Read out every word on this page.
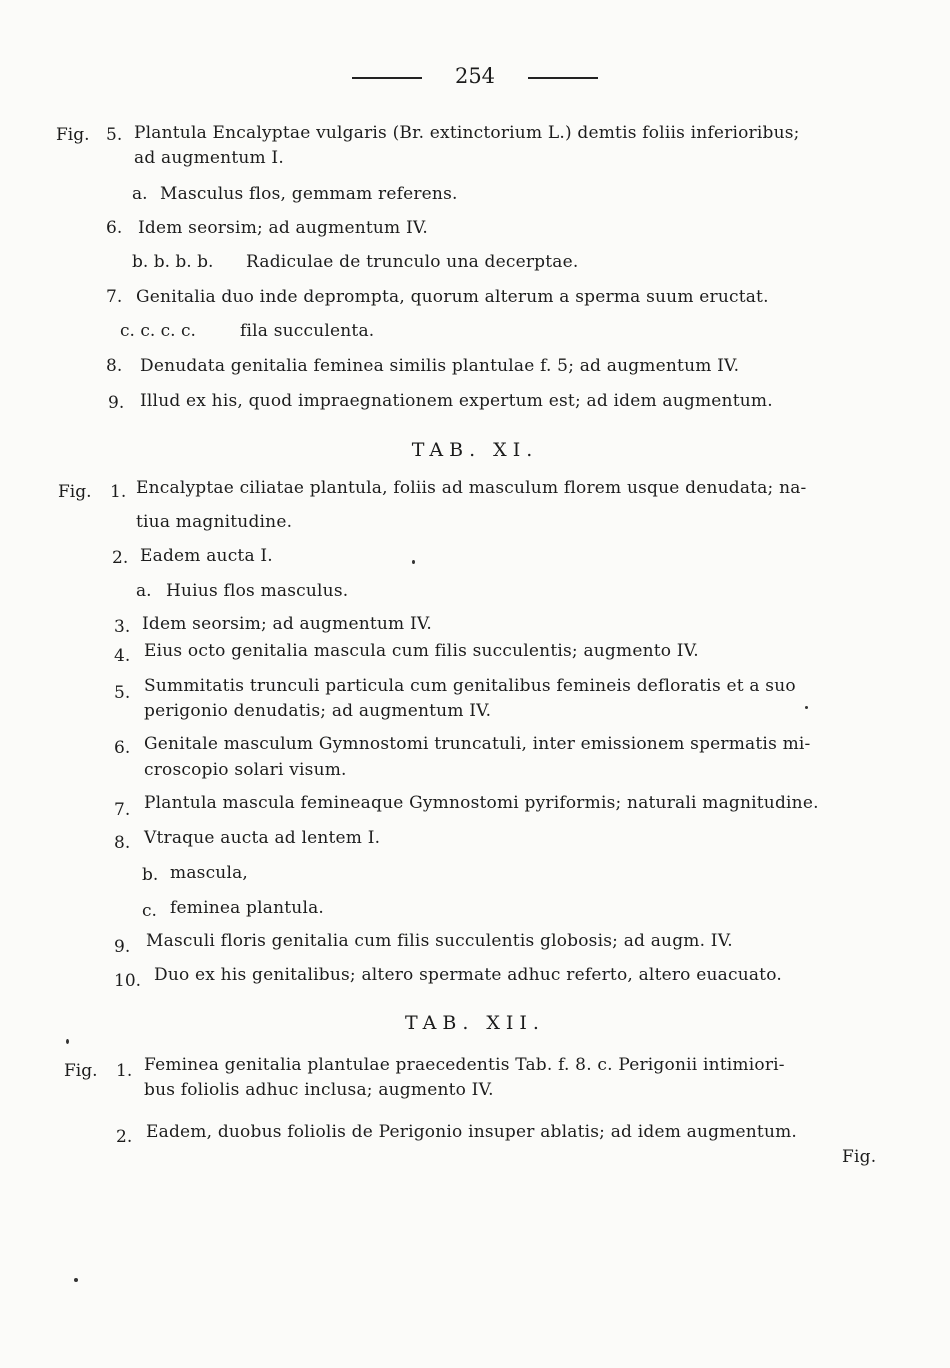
254
Fig. 5. Plantula Encalyptae vulgaris (Br. extinctorium L.) demtis foliis inferioribus;
ad augmentum I.
a. Masculus flos, gemmam referens.
6. Idem seorsim; ad augmentum IV.
b. b. b. b. Radiculae de trunculo una decerptae.
7. Genitalia duo inde deprompta, quorum alterum a sperma suum eructat.
c. c. c. c.	fila succulenta.
8. Denudata genitalia feminea similis plantulae f. 5; ad augmentum IV.
9. Illud ex his, quod impraegnationem expertum est; ad idem augmentum.
TAB. XI.
Fig. 1. Encalyptae ciliatae plantula, foliis ad masculum florem usque denudata; na-
tiua magnitudine.
2. Eadem aucta I.
a. Huius flos masculus.
3. Idem seorsim; ad augmentum IV.
4. Eius octo genitalia mascula cum filis succulentis; augmento IV.
5. Summitatis trunculi particula cum genitalibus femineis defloratis et a suo
perigonio denudatis; ad augmentum IV.
6. Genitale masculum Gymnostomi truncatuli, inter emissionem spermatis mi-
croscopio solari visum.
7. Plantula mascula femineaque Gymnostomi pyriformis; naturali magnitudine.
8. Vtraque aucta ad lentem I.
b. mascula,
c. feminea plantula.
9. Masculi floris genitalia cum filis succulentis globosis; ad augm. IV.
10. Duo ex his genitalibus; altero spermate adhuc referto, altero euacuato.
TAB. XII.
Fig. 1. Feminea genitalia plantulae praecedentis Tab. f. 8. c. Perigonii intimiori-
bus foliolis adhuc inclusa; augmento IV.
2. Eadem, duobus foliolis de Perigonio insuper ablatis; ad idem augmentum.
Fig.
